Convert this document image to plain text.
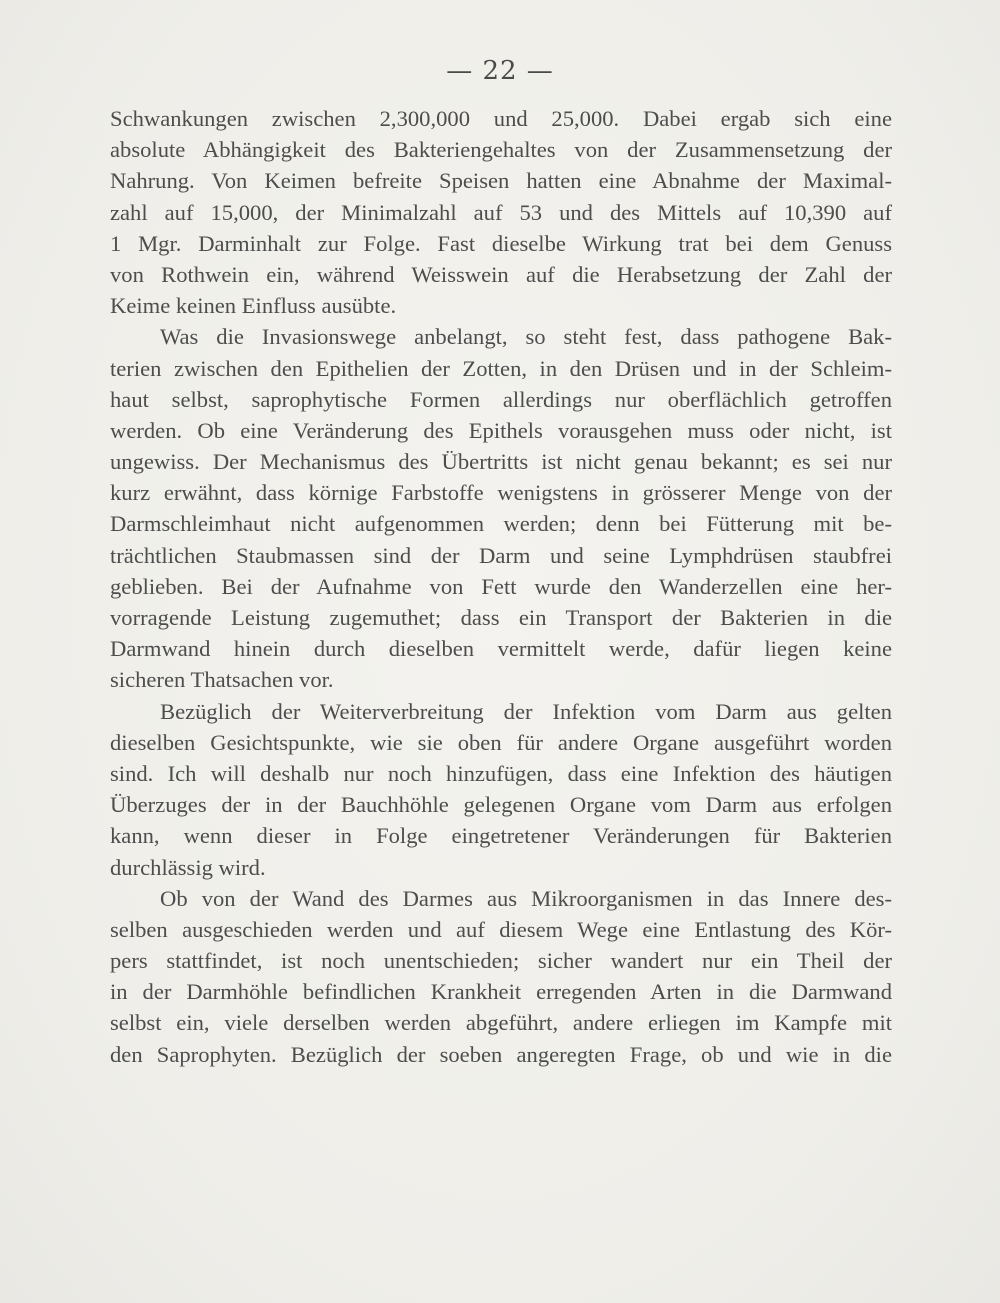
— 22 —
Schwankungen zwischen 2,300,000 und 25,000. Dabei ergab sich eine
absolute Abhängigkeit des Bakteriengehaltes von der Zusammensetzung der
Nahrung. Von Keimen befreite Speisen hatten eine Abnahme der Maximal-
zahl auf 15,000, der Minimalzahl auf 53 und des Mittels auf 10,390 auf
1 Mgr. Darminhalt zur Folge. Fast dieselbe Wirkung trat bei dem Genuss
von Rothwein ein, während Weisswein auf die Herabsetzung der Zahl der
Keime keinen Einfluss ausübte.
Was die Invasionswege anbelangt, so steht fest, dass pathogene Bak-
terien zwischen den Epithelien der Zotten, in den Drüsen und in der Schleim-
haut selbst, saprophytische Formen allerdings nur oberflächlich getroffen
werden. Ob eine Veränderung des Epithels vorausgehen muss oder nicht, ist
ungewiss. Der Mechanismus des Übertritts ist nicht genau bekannt; es sei nur
kurz erwähnt, dass körnige Farbstoffe wenigstens in grösserer Menge von der
Darmschleimhaut nicht aufgenommen werden; denn bei Fütterung mit be-
trächtlichen Staubmassen sind der Darm und seine Lymphdrüsen staubfrei
geblieben. Bei der Aufnahme von Fett wurde den Wanderzellen eine her-
vorragende Leistung zugemuthet; dass ein Transport der Bakterien in die
Darmwand hinein durch dieselben vermittelt werde, dafür liegen keine
sicheren Thatsachen vor.
Bezüglich der Weiterverbreitung der Infektion vom Darm aus gelten
dieselben Gesichtspunkte, wie sie oben für andere Organe ausgeführt worden
sind. Ich will deshalb nur noch hinzufügen, dass eine Infektion des häutigen
Überzuges der in der Bauchhöhle gelegenen Organe vom Darm aus erfolgen
kann, wenn dieser in Folge eingetretener Veränderungen für Bakterien
durchlässig wird.
Ob von der Wand des Darmes aus Mikroorganismen in das Innere des-
selben ausgeschieden werden und auf diesem Wege eine Entlastung des Kör-
pers stattfindet, ist noch unentschieden; sicher wandert nur ein Theil der
in der Darmhöhle befindlichen Krankheit erregenden Arten in die Darmwand
selbst ein, viele derselben werden abgeführt, andere erliegen im Kampfe mit
den Saprophyten. Bezüglich der soeben angeregten Frage, ob und wie in die
